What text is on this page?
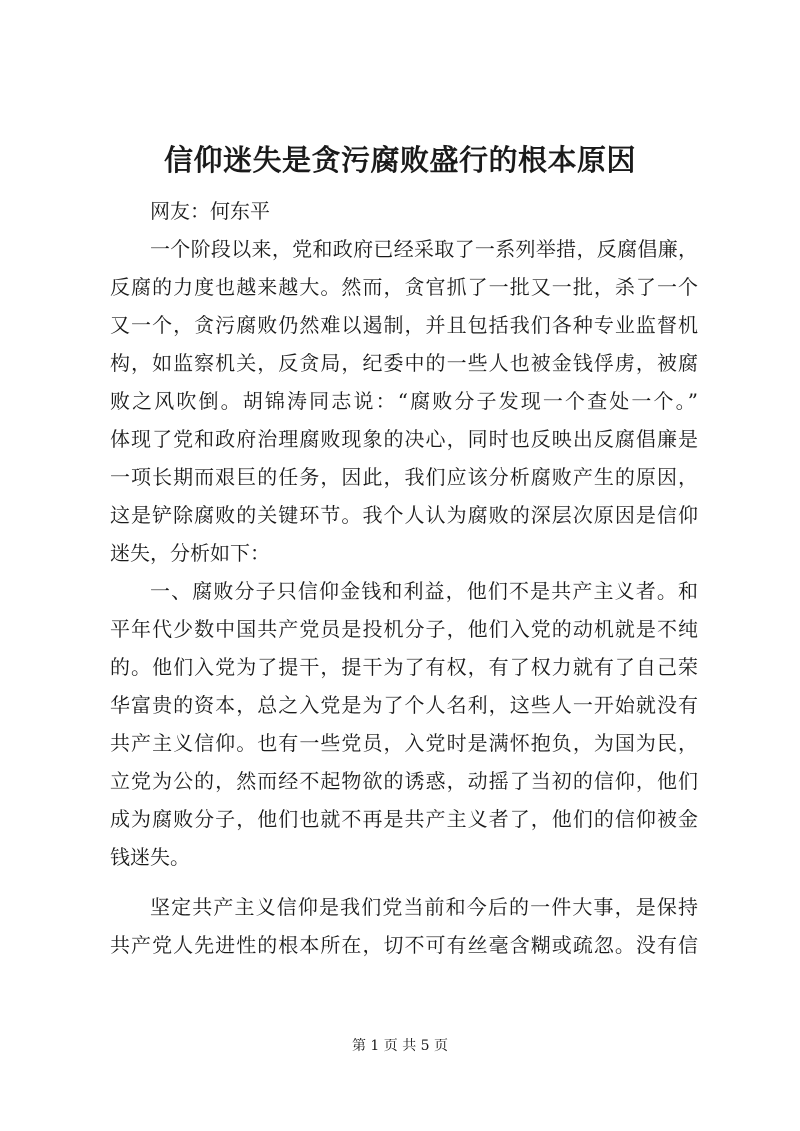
信仰迷失是贪污腐败盛行的根本原因
网友：何东平
一个阶段以来，党和政府已经采取了一系列举措，反腐倡廉，
反腐的力度也越来越大。然而，贪官抓了一批又一批，杀了一个
又一个，贪污腐败仍然难以遏制，并且包括我们各种专业监督机
构，如监察机关，反贪局，纪委中的一些人也被金钱俘虏，被腐
败之风吹倒。胡锦涛同志说：“腐败分子发现一个查处一个。”
体现了党和政府治理腐败现象的决心，同时也反映出反腐倡廉是
一项长期而艰巨的任务，因此，我们应该分析腐败产生的原因，
这是铲除腐败的关键环节。我个人认为腐败的深层次原因是信仰
迷失，分析如下：
一、腐败分子只信仰金钱和利益，他们不是共产主义者。和
平年代少数中国共产党员是投机分子，他们入党的动机就是不纯
的。他们入党为了提干，提干为了有权，有了权力就有了自己荣
华富贵的资本，总之入党是为了个人名利，这些人一开始就没有
共产主义信仰。也有一些党员，入党时是满怀抱负，为国为民，
立党为公的，然而经不起物欲的诱惑，动摇了当初的信仰，他们
成为腐败分子，他们也就不再是共产主义者了，他们的信仰被金
钱迷失。
坚定共产主义信仰是我们党当前和今后的一件大事，是保持
共产党人先进性的根本所在，切不可有丝毫含糊或疏忽。没有信

第 1 页 共 5 页
